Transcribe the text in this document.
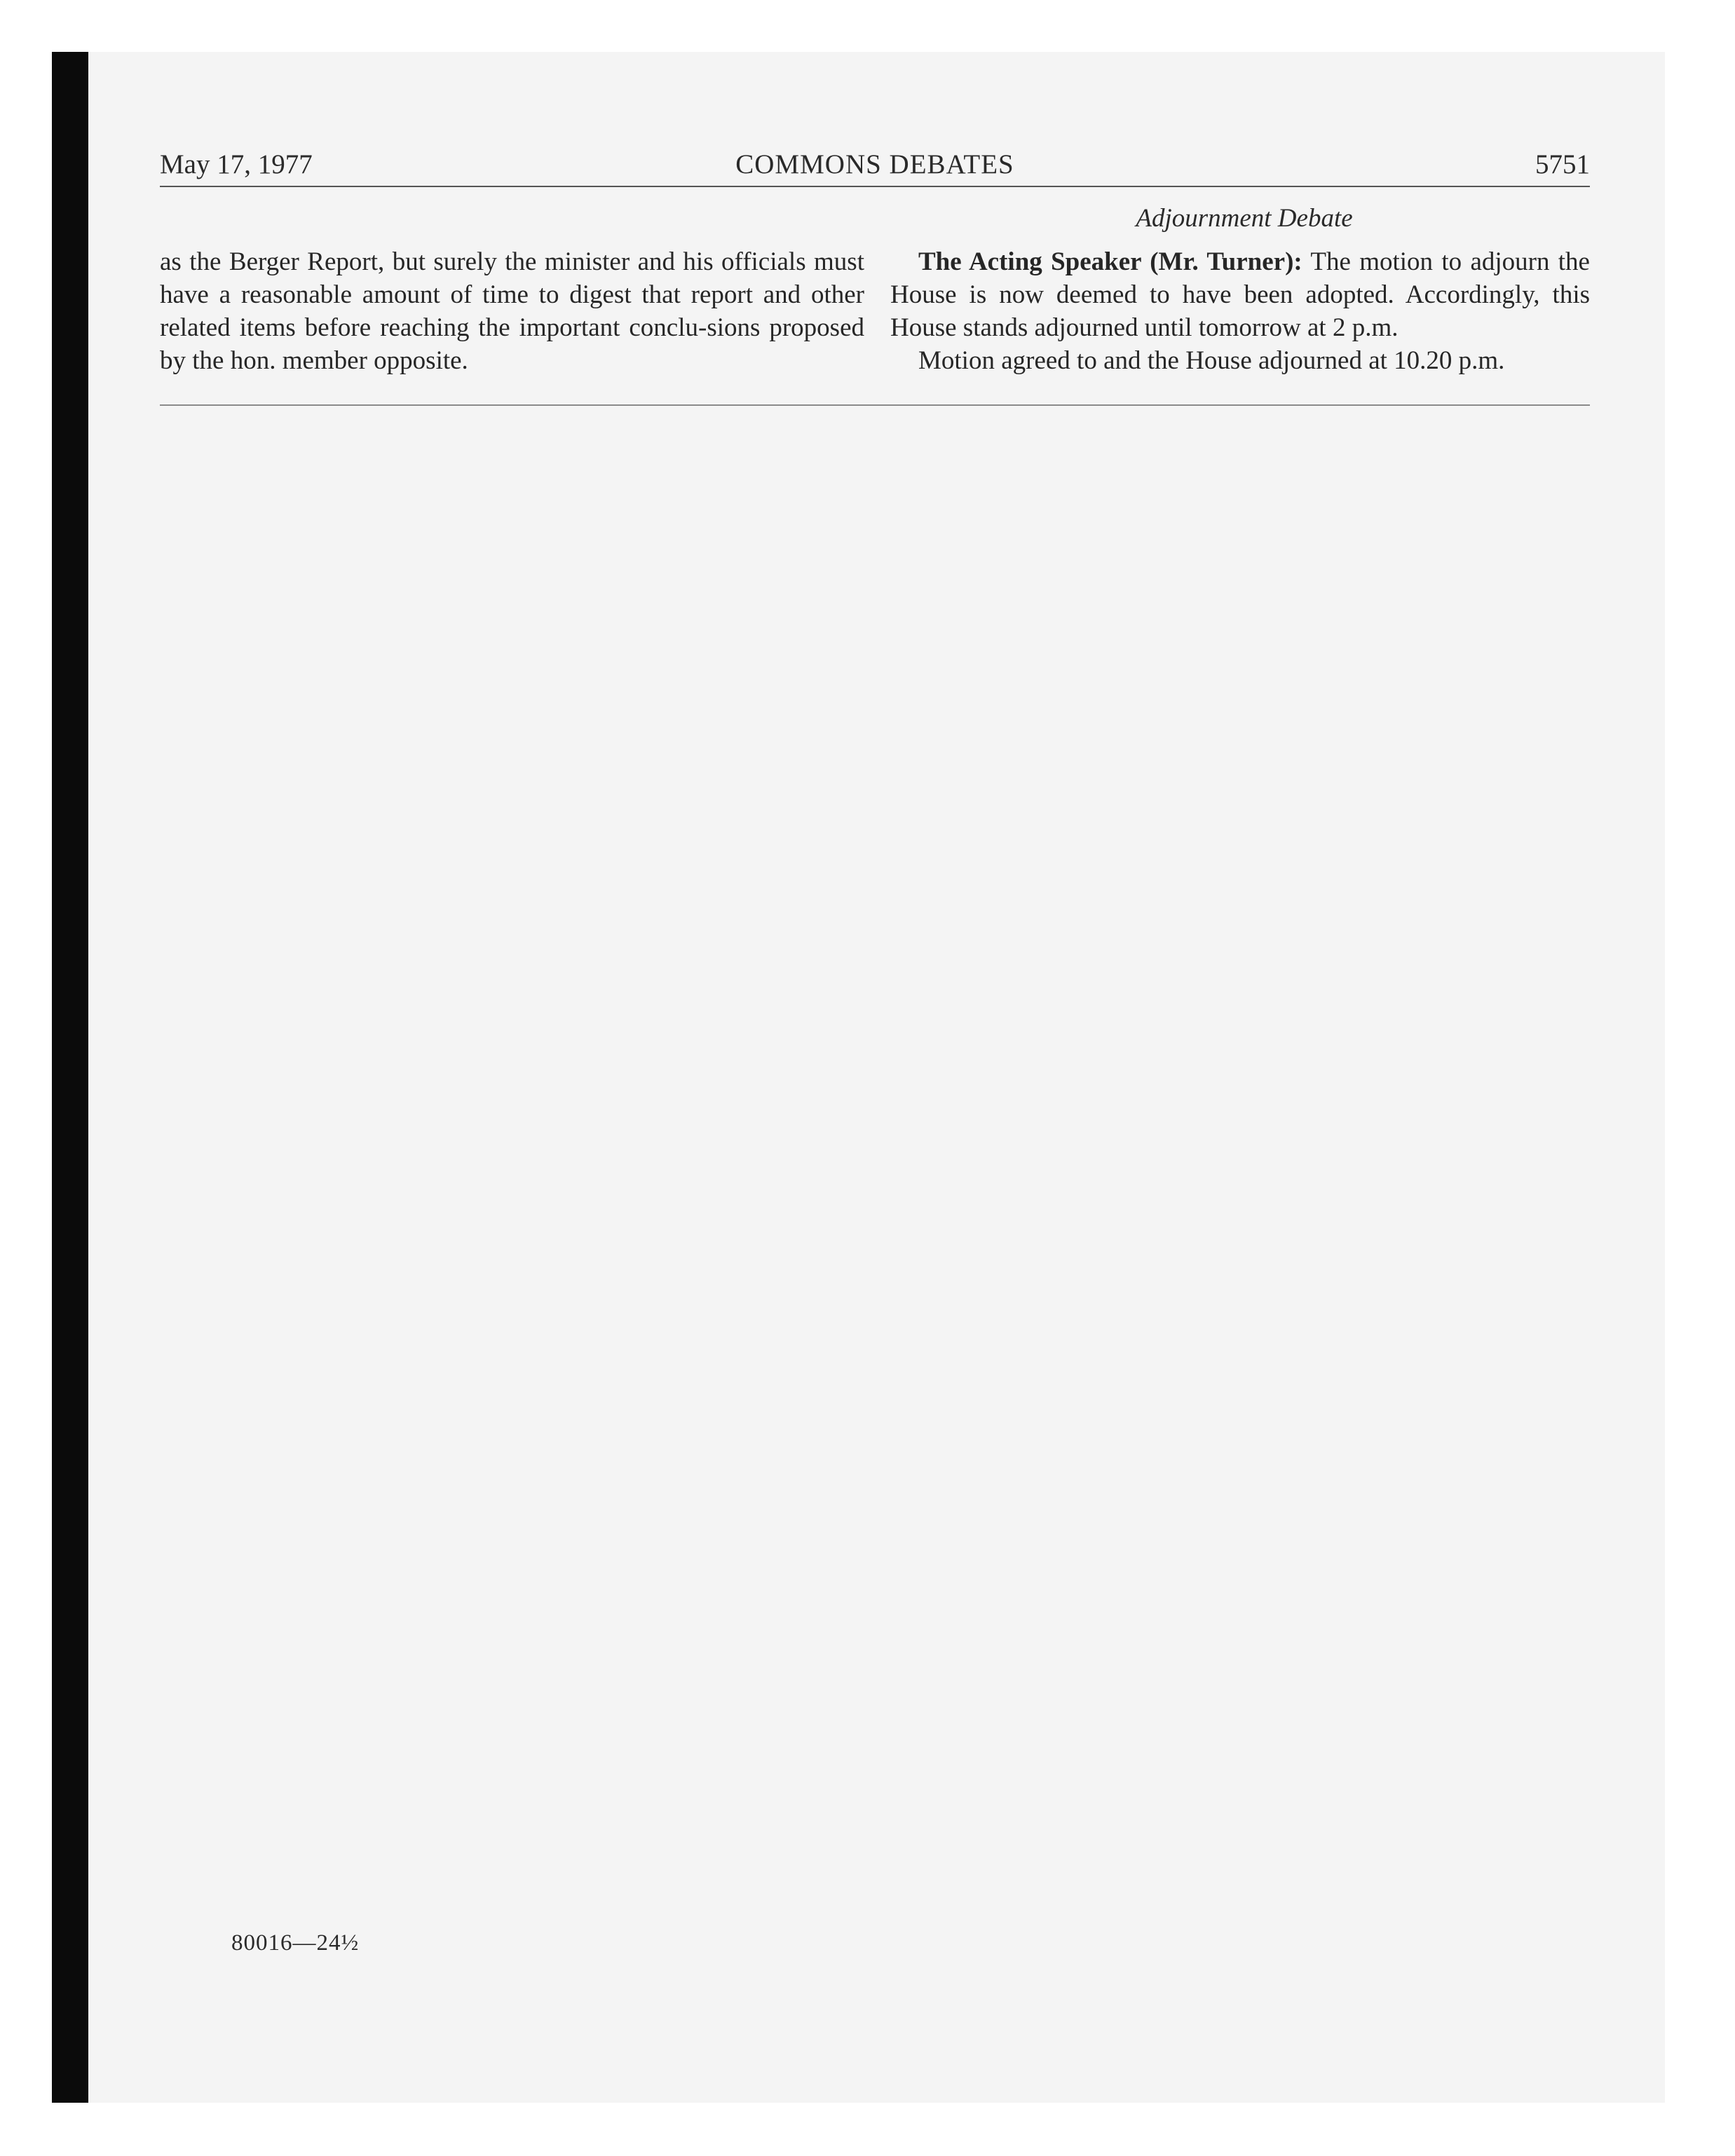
May 17, 1977	COMMONS DEBATES	5751
Adjournment Debate

as the Berger Report, but surely the minister and his officials must have a reasonable amount of time to digest that report and other related items before reaching the important conclu-sions proposed by the hon. member opposite.

The Acting Speaker (Mr. Turner): The motion to adjourn the House is now deemed to have been adopted. Accordingly, this House stands adjourned until tomorrow at 2 p.m.

Motion agreed to and the House adjourned at 10.20 p.m.

80016—24½
